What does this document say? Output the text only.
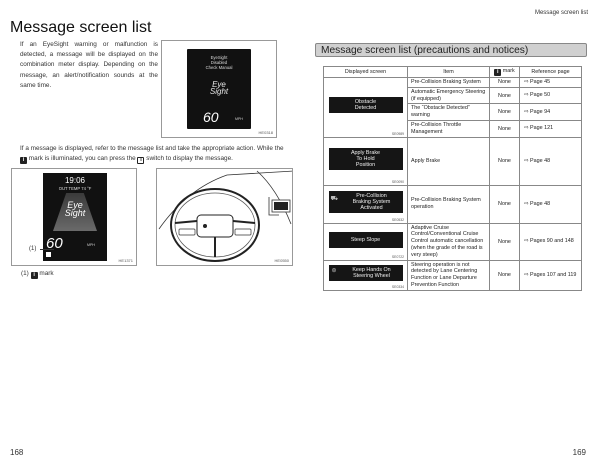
Message screen list
Message screen list

If an EyeSight warning or malfunction is detected, a message will be displayed on the combination meter display. Depending on the message, an alert/notification sounds at the same time.

EyeSight
Disabled
Check Manual
Eye
Sight
60	MPH
HE0318

If a message is displayed, refer to the message list and take the appropriate action. While the i mark is illuminated, you can press the i switch to display the message.

19:06
OUT TEMP 74 °F
Eye
Sight
60	MPH
HE1371
(1)
HE0550
(1) i mark
168
Message screen list (precautions and notices)
Displayed screen	Item	i mark	Reference page

Obstacle
Detected
SE0989	Pre-Collision Braking System	None	⇨ Page 45
	Automatic Emergency Steering (if equipped)	None	⇨ Page 50
	The “Obstacle Detected” warning	None	⇨ Page 94
	Pre-Collision Throttle Management	None	⇨ Page 121

Apply Brake
To Hold
Position
SE0090	Apply Brake	None	⇨ Page 48

⛟ Pre-Collision
Braking System
Activated
SE0532	Pre-Collision Braking System operation	None	⇨ Page 48

Steep Slope
SE0722	Adaptive Cruise Control/Conventional Cruise Control automatic cancellation (when the grade of the road is very steep)	None	⇨ Pages 90 and 148

⊛ Keep Hands On
Steering Wheel
SE0334	Steering operation is not detected by Lane Centering Function or Lane Departure Prevention Function	None	⇨ Pages 107 and 119
169
